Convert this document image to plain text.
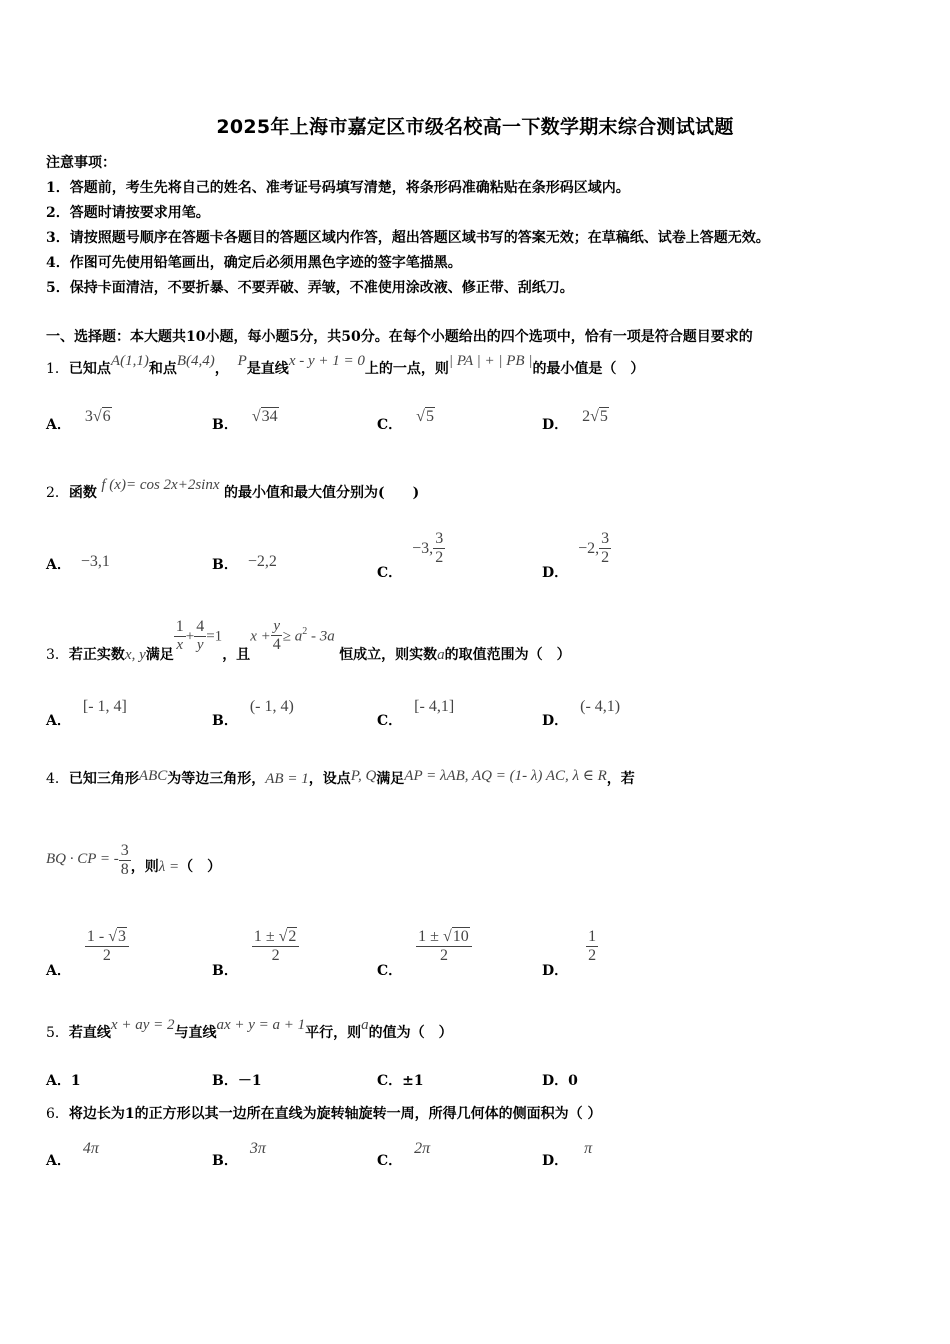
2025年上海市嘉定区市级名校高一下数学期末综合测试试题
注意事项：
1．答题前，考生先将自己的姓名、准考证号码填写清楚，将条形码准确粘贴在条形码区域内。
2．答题时请按要求用笔。
3．请按照题号顺序在答题卡各题目的答题区域内作答，超出答题区域书写的答案无效；在草稿纸、试卷上答题无效。
4．作图可先使用铅笔画出，确定后必须用黑色字迹的签字笔描黑。
5．保持卡面清洁，不要折暴、不要弄破、弄皱，不准使用涂改液、修正带、刮纸刀。
一、选择题：本大题共10小题，每小题5分，共50分。在每个小题给出的四个选项中，恰有一项是符合题目要求的
1．已知点A(1,1)和点B(4,4)， P是直线x - y + 1 = 0上的一点，则| PA | + | PB |的最小值是（　）
A． 3√6	B． √34	C． √5	D． 2√5
2．函数 f (x)= cos 2x+2sinx 的最小值和最大值分别为(　　)
A． −3,1	B． −2,2
C．−3, $\frac{3}{2}$
D．−2, $\frac{3}{2}$
3．若正实数x, y满足
$\frac{1}{x} + \frac{4}{y} =1$，且$x + \frac{y}{4} \ge a^2 - 3a$ 恒成立，则实数a的取值范围为（　）
A．[- 1, 4]
B．(- 1, 4)
C．[- 4,1]
D．(- 4,1)
4．已知三角形ABC为等边三角形，AB = 1，设点P, Q满足AP = λAB, AQ = (1- λ) AC, λ ∈ R，若
BQ · CP = - $\frac{3}{8}$ ，则λ =（　）
A．
$\frac{1 - √3}{2}$
B．
$\frac{1 \pm √2}{2}$
C．
$\frac{1 \pm √10}{2}$
D．
$\frac{1}{2}$
5．若直线x + ay = 2与直线ax + y = a + 1平行，则a的值为（　）
A．1	B．－1	C．±1	D．0
6．将边长为1的正方形以其一边所在直线为旋转轴旋转一周，所得几何体的侧面积为（ ）
A．4π
B．3π
C．2π
D．π
